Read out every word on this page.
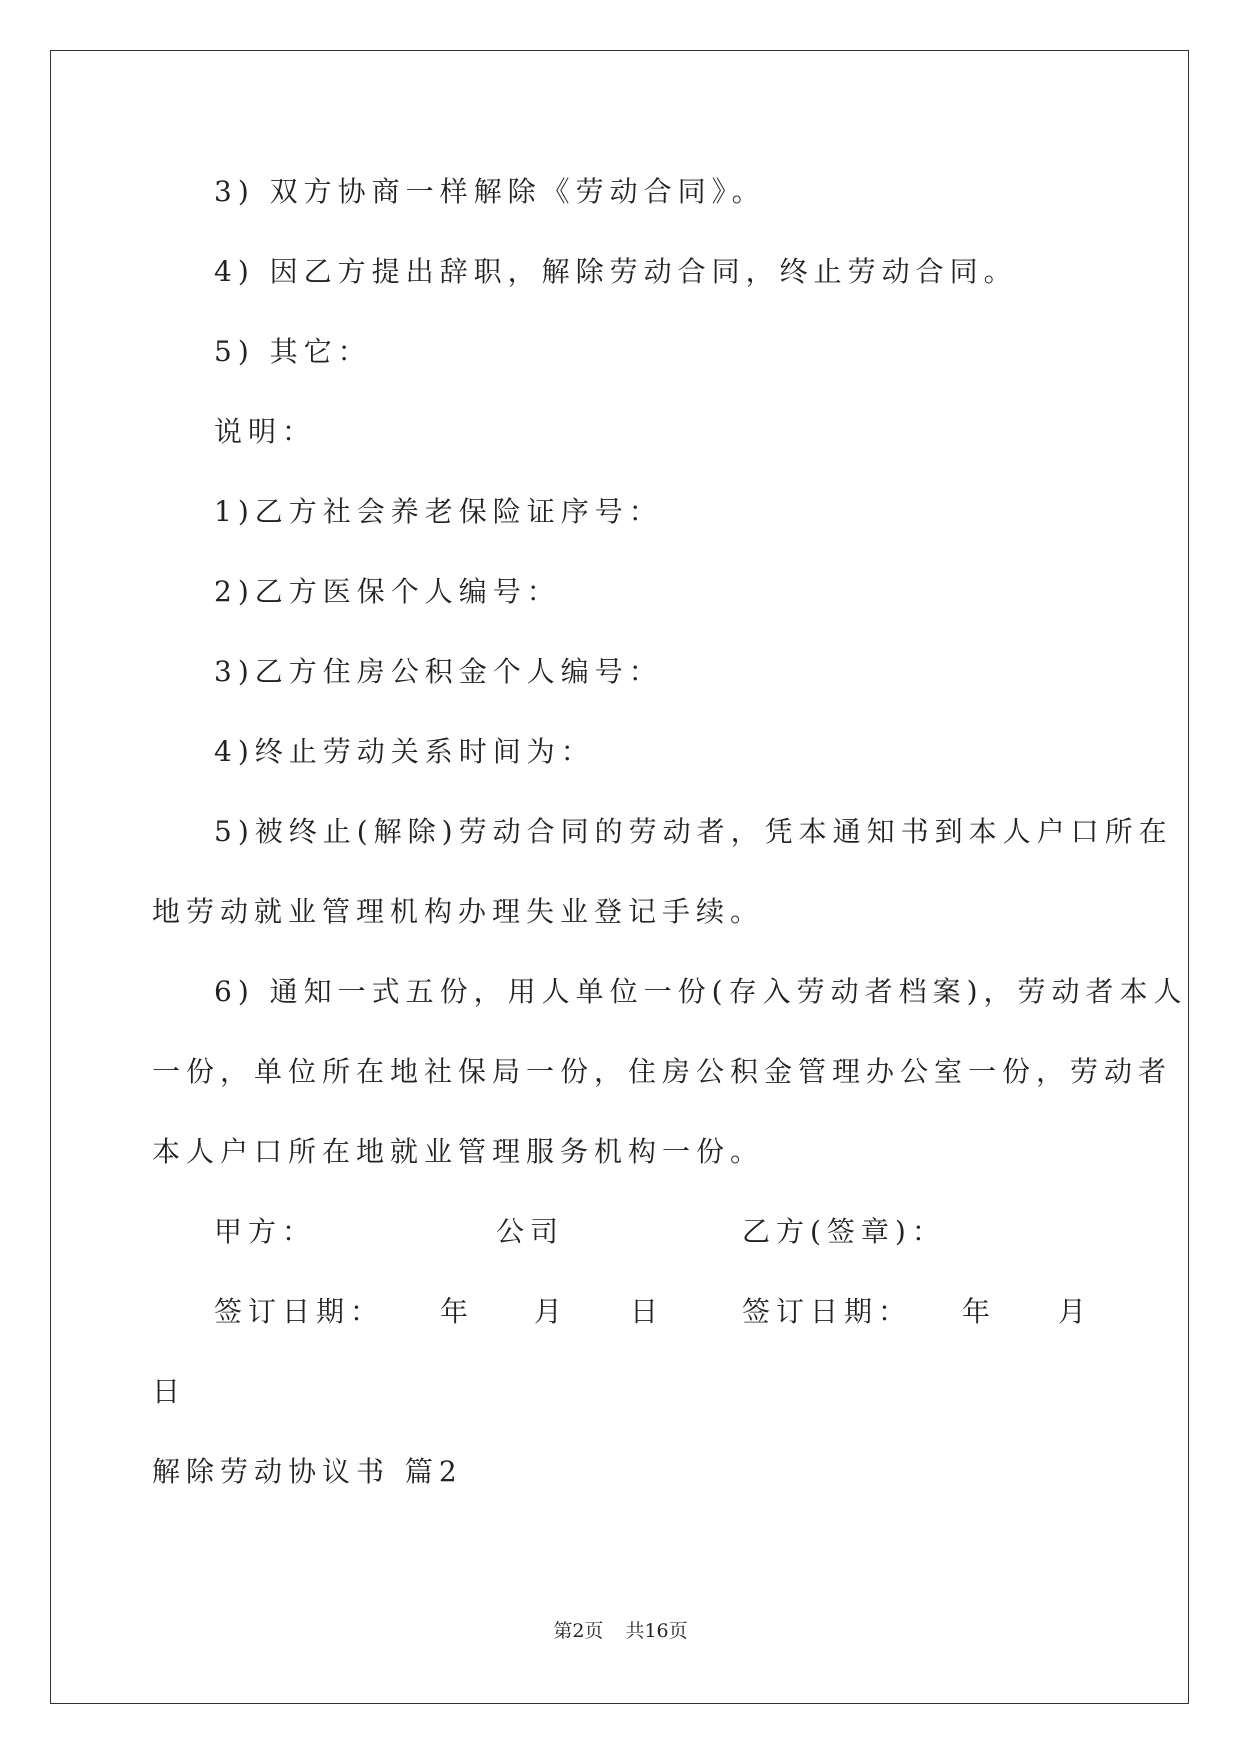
3) 双方协商一样解除《劳动合同》。
4) 因乙方提出辞职，解除劳动合同，终止劳动合同。
5) 其它：
说明：
1)乙方社会养老保险证序号：
2)乙方医保个人编号：
3)乙方住房公积金个人编号：
4)终止劳动关系时间为：
5)被终止(解除)劳动合同的劳动者，凭本通知书到本人户口所在
地劳动就业管理机构办理失业登记手续。
6) 通知一式五份，用人单位一份(存入劳动者档案)，劳动者本人
一份，单位所在地社保局一份，住房公积金管理办公室一份，劳动者
本人户口所在地就业管理服务机构一份。
甲方：	公司	乙方(签章)：
签订日期： 年 月 日	签订日期： 年 月
日
解除劳动协议书 篇2
第2页 共16页
